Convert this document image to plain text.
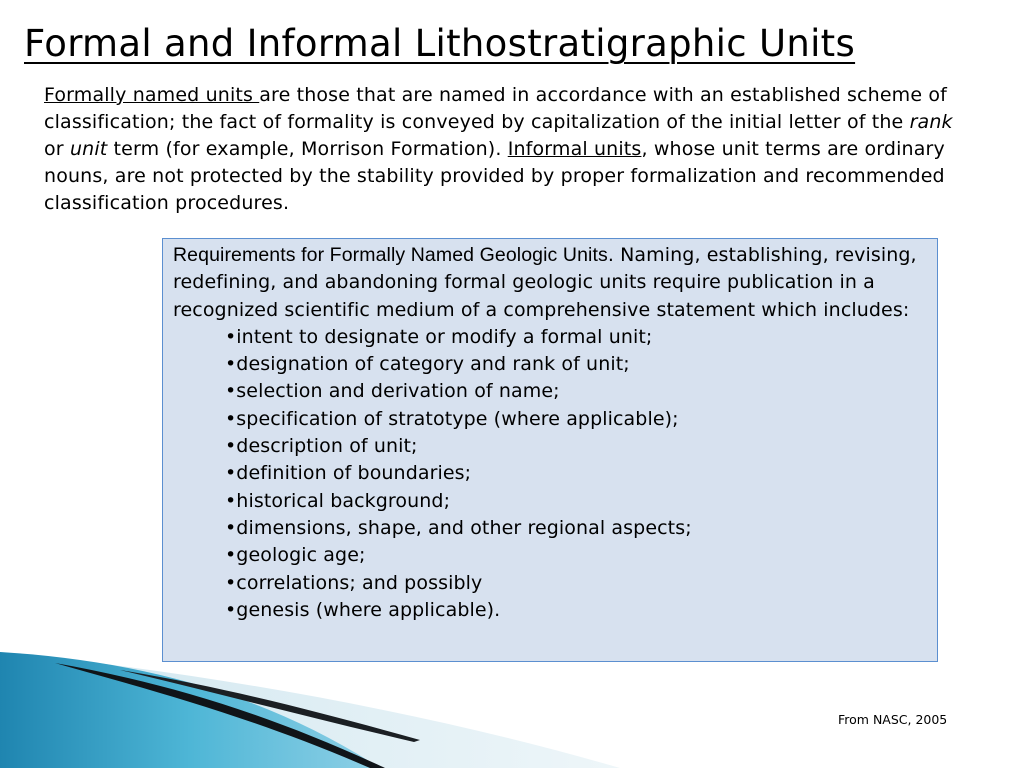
Formal and Informal Lithostratigraphic Units
Formally named units are those that are named in accordance with an established scheme of classification; the fact of formality is conveyed by capitalization of the initial letter of the rank or unit term (for example, Morrison Formation). Informal units, whose unit terms are ordinary nouns, are not protected by the stability provided by proper formalization and recommended classification procedures.
Requirements for Formally Named Geologic Units. Naming, establishing, revising, redefining, and abandoning formal geologic units require publication in a recognized scientific medium of a comprehensive statement which includes:
•intent to designate or modify a formal unit;
•designation of category and rank of unit;
•selection and derivation of name;
•specification of stratotype (where applicable);
•description of unit;
•definition of boundaries;
•historical background;
•dimensions, shape, and other regional aspects;
•geologic age;
•correlations; and possibly
•genesis (where applicable).
From NASC, 2005
